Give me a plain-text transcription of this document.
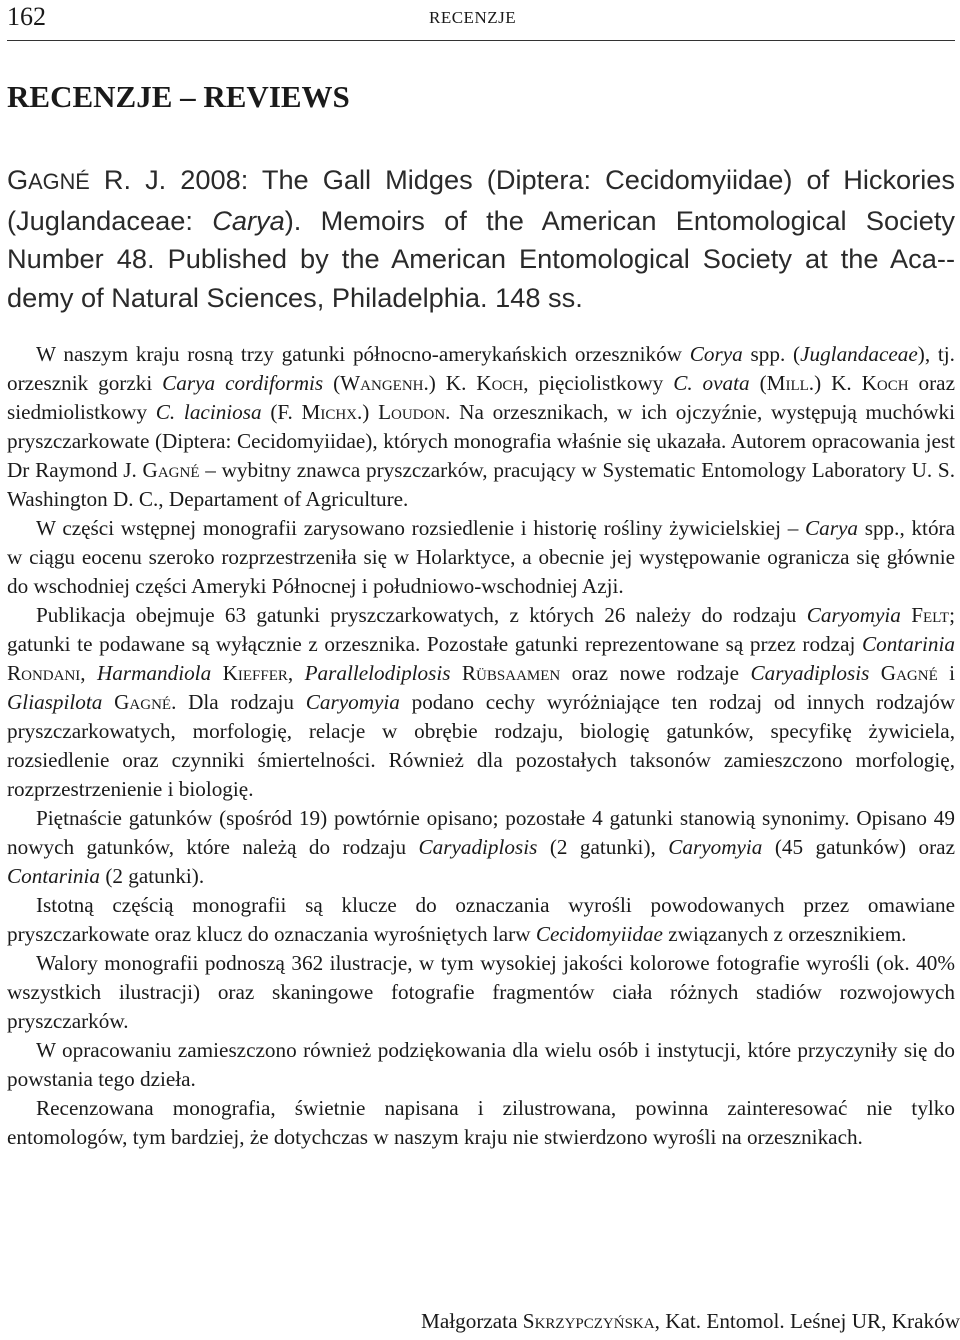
162	RECENZJE
RECENZJE – REVIEWS
GAGNÉ R. J. 2008: The Gall Midges (Diptera: Cecidomyiidae) of Hickories (Juglandaceae: Carya). Memoirs of the American Entomological Society Number 48. Published by the American Entomological Society at the Aca-demy of Natural Sciences, Philadelphia. 148 ss.

W naszym kraju rosną trzy gatunki północno-amerykańskich orzeszników Corya spp. (Juglandaceae), tj. orzesznik gorzki Carya cordiformis (Wangenh.) K. Koch, pięciolistkowy C. ovata (Mill.) K. Koch oraz siedmiolistkowy C. laciniosa (F. Michx.) Loudon. Na orzesznikach, w ich ojczyźnie, występują muchówki pryszczarkowate (Diptera: Cecidomyiidae), których monografia właśnie się ukazała. Autorem opracowania jest Dr Raymond J. Gagné – wybitny znawca pryszczarków, pracujący w Systematic Entomology Laboratory U. S. Washington D. C., Departament of Agriculture.

W części wstępnej monografii zarysowano rozsiedlenie i historię rośliny żywicielskiej – Carya spp., która w ciągu eocenu szeroko rozprzestrzeniła się w Holarktyce, a obecnie jej występowanie ogranicza się głównie do wschodniej części Ameryki Północnej i południowo-wschodniej Azji.

Publikacja obejmuje 63 gatunki pryszczarkowatych, z których 26 należy do rodzaju Caryomyia Felt; gatunki te podawane są wyłącznie z orzesznika. Pozostałe gatunki reprezentowane są przez rodzaj Contarinia Rondani, Harmandiola Kieffer, Parallelodiplosis Rübsaamen oraz nowe rodzaje Caryadiplosis Gagné i Gliaspilota Gagné. Dla rodzaju Caryomyia podano cechy wyróżniające ten rodzaj od innych rodzajów pryszczarkowatych, morfologię, relacje w obrębie rodzaju, biologię gatunków, specyfikę żywiciela, rozsiedlenie oraz czynniki śmiertelności. Również dla pozostałych taksonów zamieszczono morfologię, rozprzestrzenienie i biologię.

Piętnaście gatunków (spośród 19) powtórnie opisano; pozostałe 4 gatunki stanowią synonimy. Opisano 49 nowych gatunków, które należą do rodzaju Caryadiplosis (2 gatunki), Caryomyia (45 gatunków) oraz Contarinia (2 gatunki).

Istotną częścią monografii są klucze do oznaczania wyrośli powodowanych przez omawiane pryszczarkowate oraz klucz do oznaczania wyrośniętych larw Cecidomyiidae związanych z orzesznikiem.

Walory monografii podnoszą 362 ilustracje, w tym wysokiej jakości kolorowe fotografie wyrośli (ok. 40% wszystkich ilustracji) oraz skaningowe fotografie fragmentów ciała różnych stadiów rozwojowych pryszczarków.

W opracowaniu zamieszczono również podziękowania dla wielu osób i instytucji, które przyczyniły się do powstania tego dzieła.

Recenzowana monografia, świetnie napisana i zilustrowana, powinna zainteresować nie tylko entomologów, tym bardziej, że dotychczas w naszym kraju nie stwierdzono wyrośli na orzesznikach.

Małgorzata Skrzypczyńska, Kat. Entomol. Leśnej UR, Kraków
